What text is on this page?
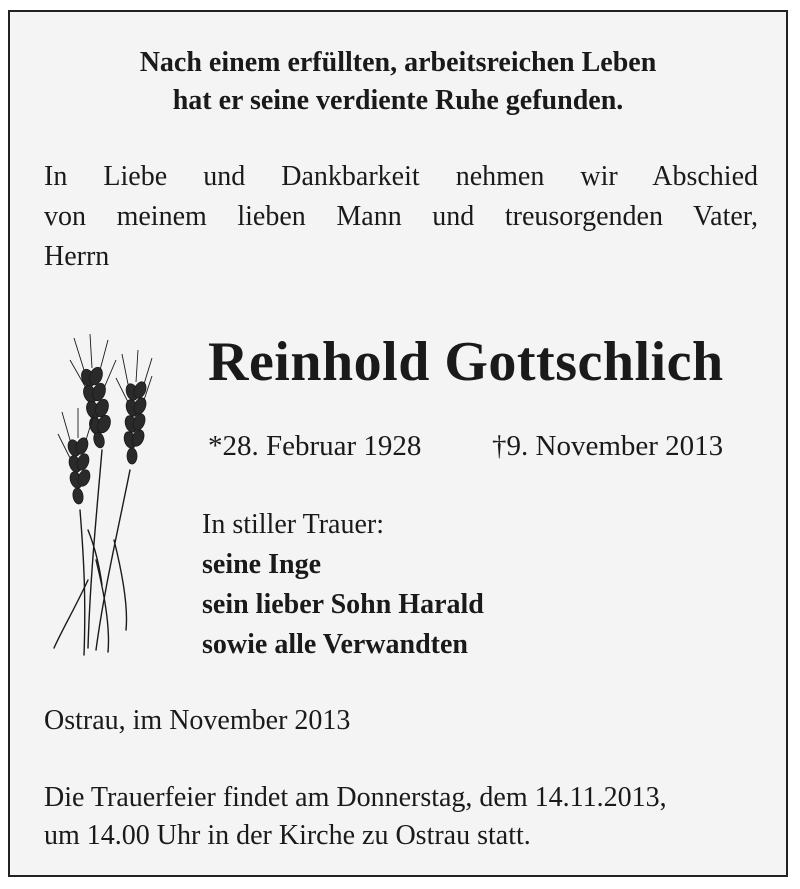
Nach einem erfüllten, arbeitsreichen Leben
hat er seine verdiente Ruhe gefunden.
In Liebe und Dankbarkeit nehmen wir Abschied
von meinem lieben Mann und treusorgenden Vater,
Herrn
Reinhold Gottschlich
*28. Februar 1928 †9. November 2013
In stiller Trauer:
seine Inge
sein lieber Sohn Harald
sowie alle Verwandten
Ostrau, im November 2013
Die Trauerfeier findet am Donnerstag, dem 14.11.2013,
um 14.00 Uhr in der Kirche zu Ostrau statt.
